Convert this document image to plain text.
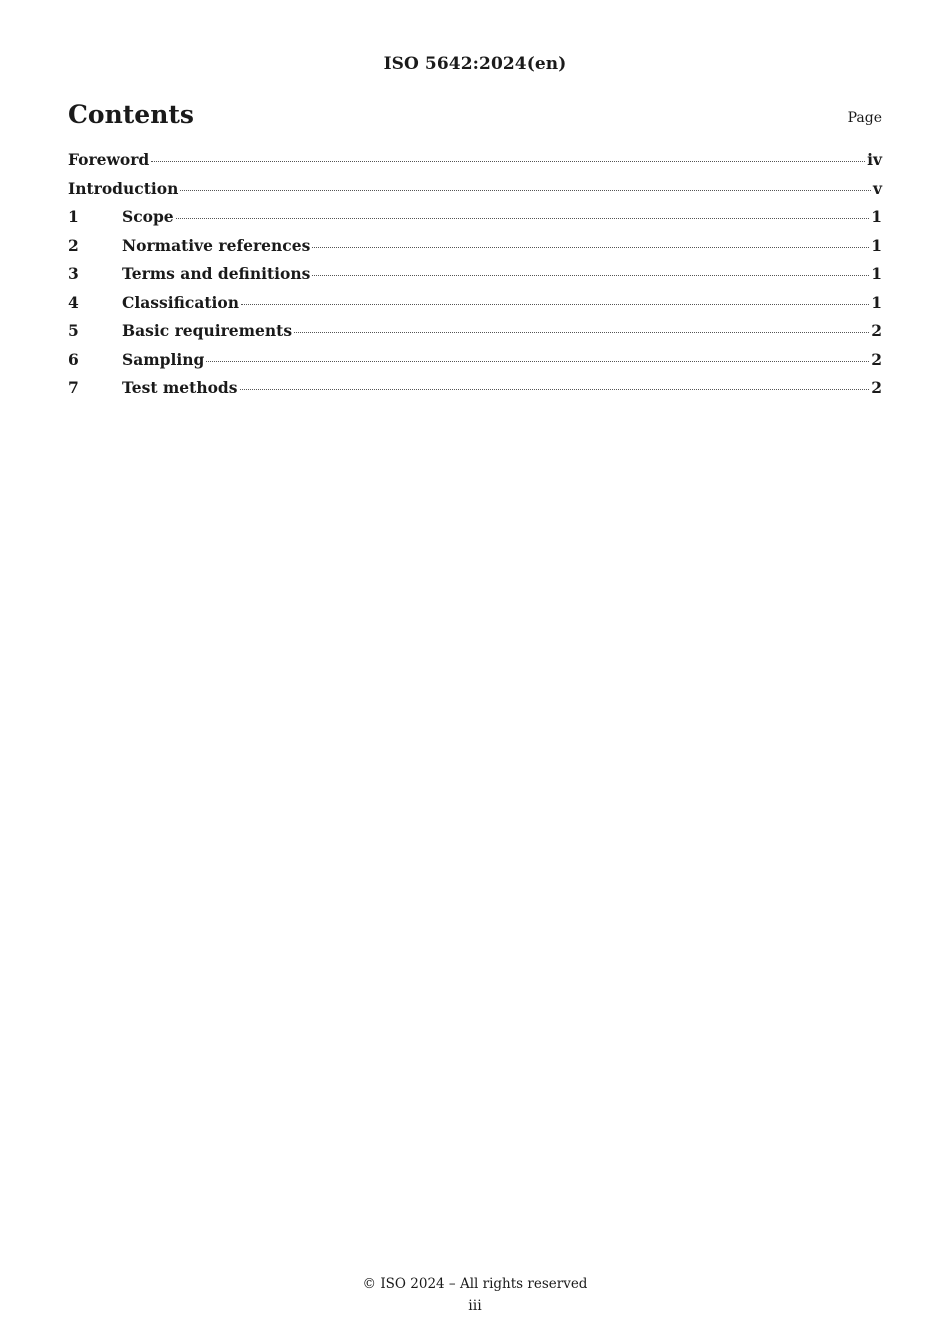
ISO 5642:2024(en)
Contents	Page
Foreword	iv
Introduction	v
1	Scope	1
2	Normative references	1
3	Terms and definitions	1
4	Classification	1
5	Basic requirements	2
6	Sampling	2
7	Test methods	2
© ISO 2024 – All rights reserved
iii
